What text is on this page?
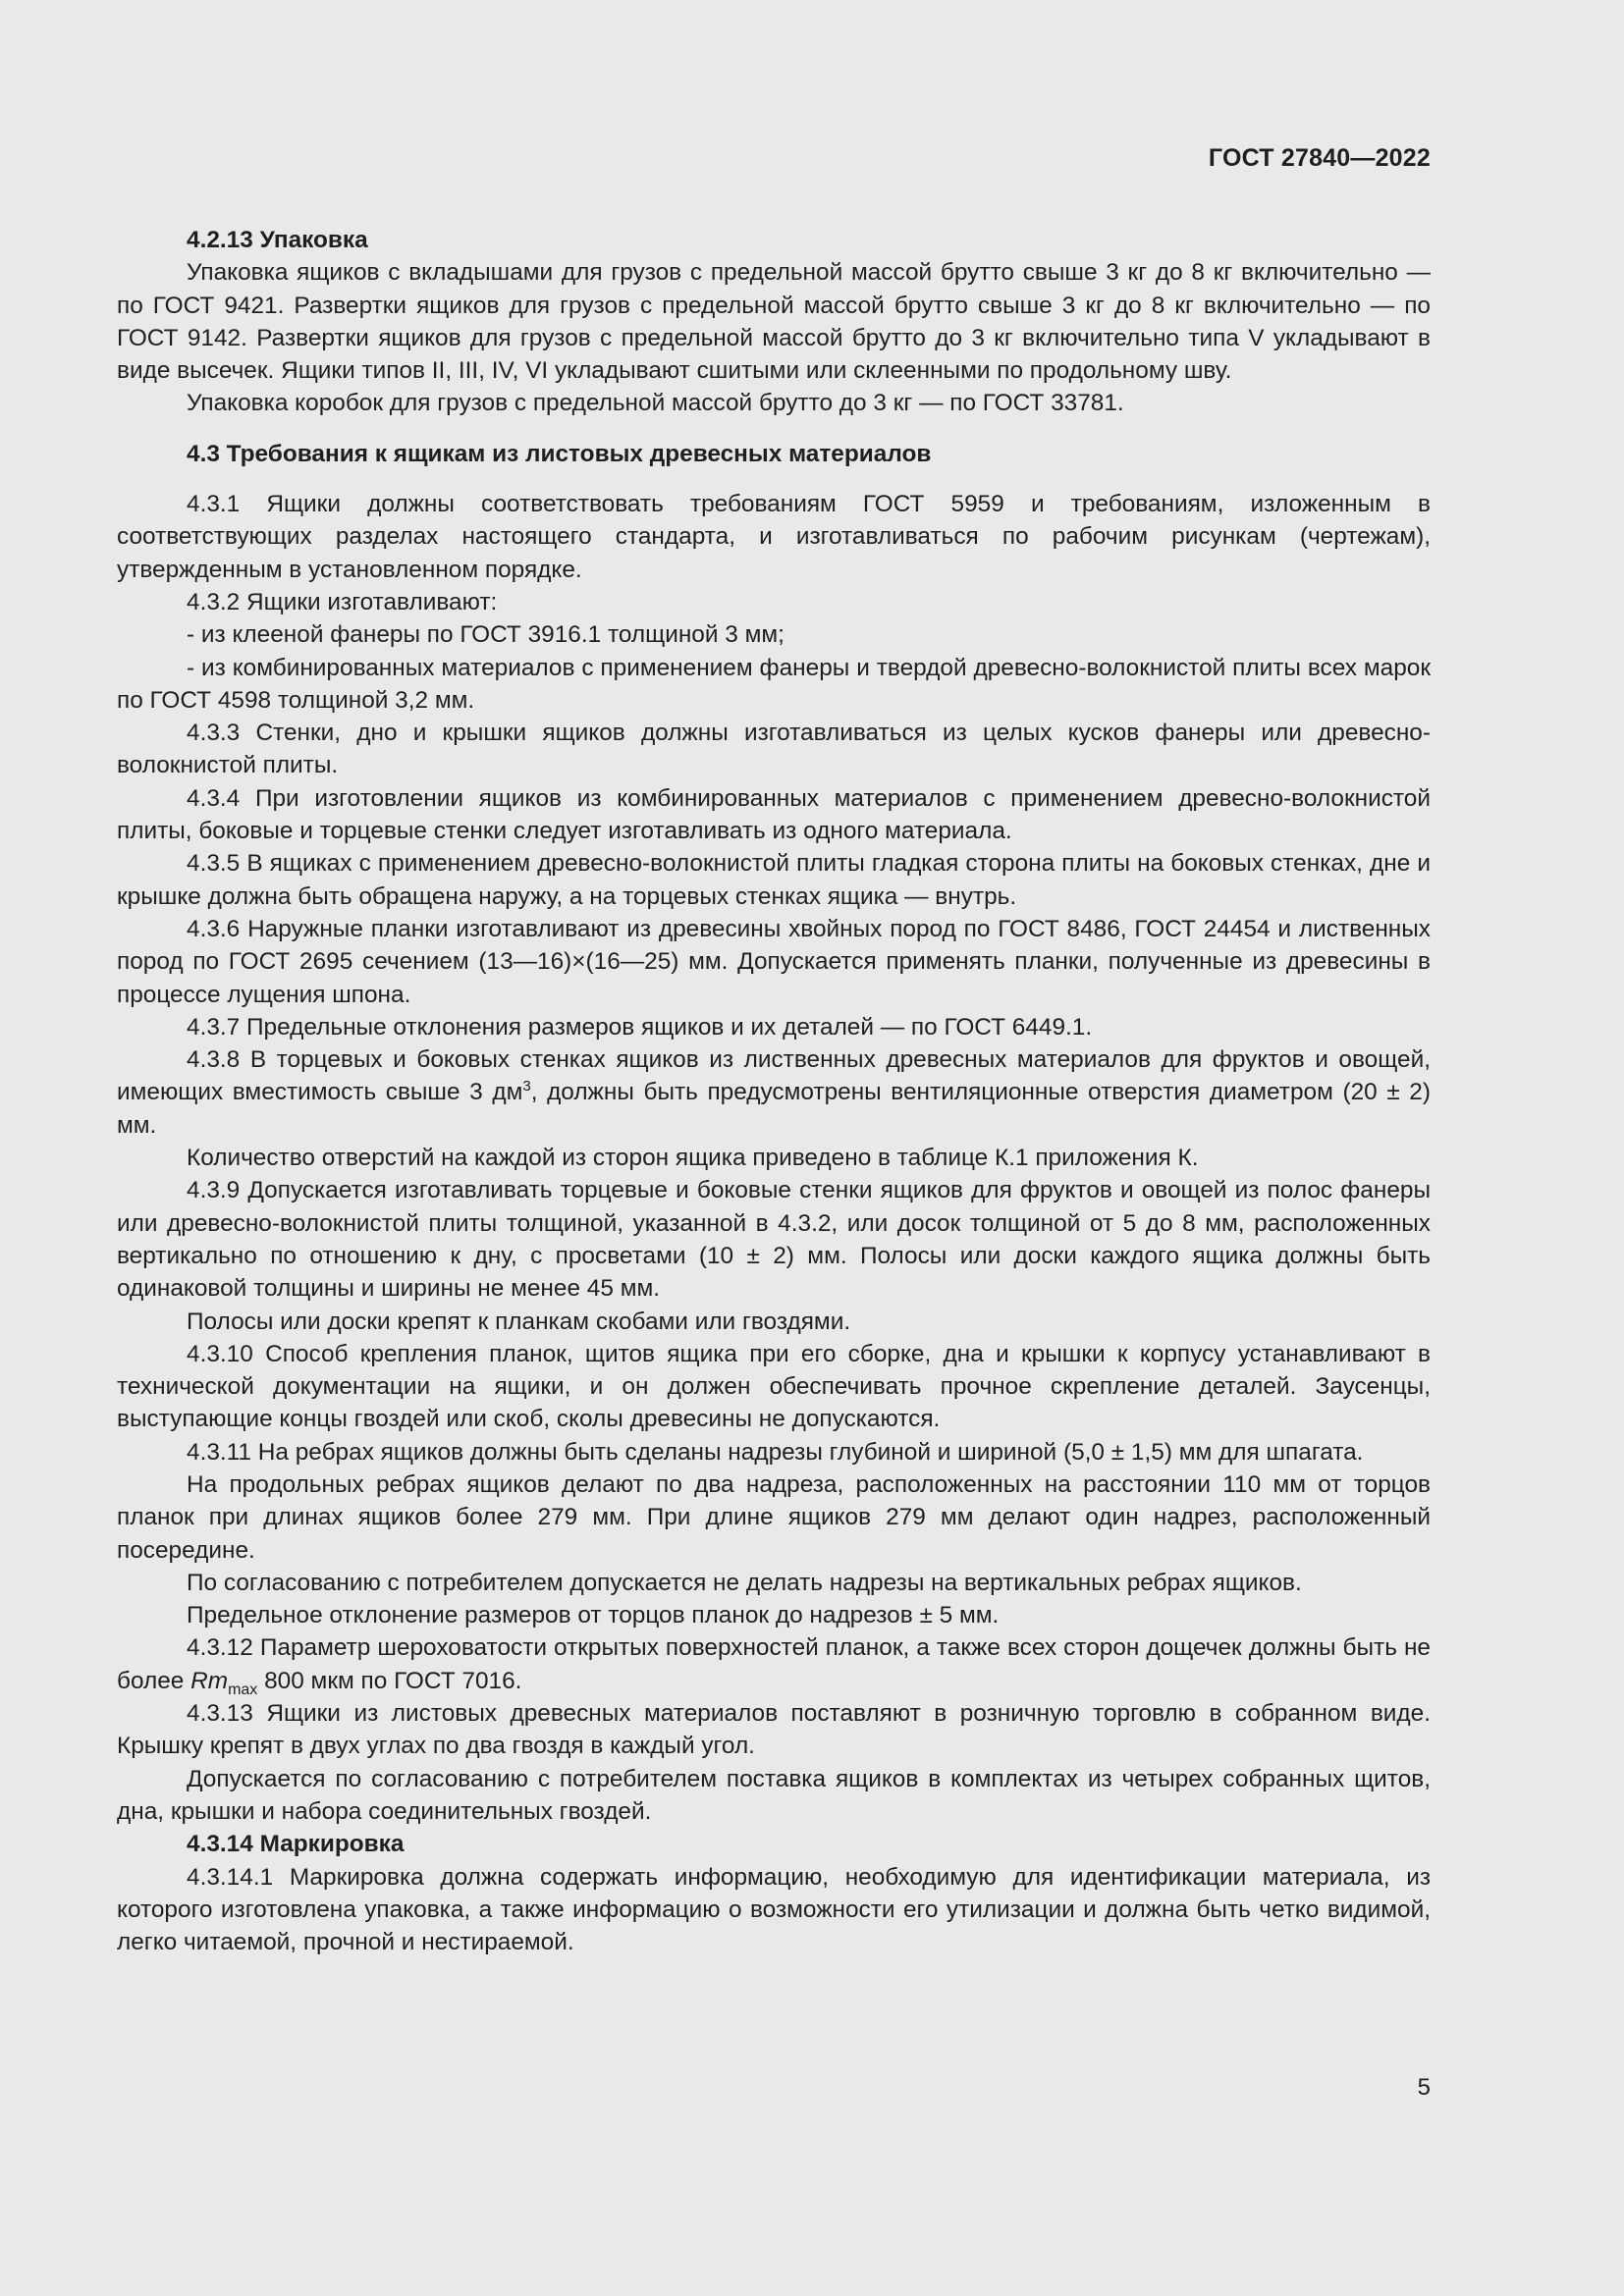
ГОСТ 27840—2022

4.2.13 Упаковка

Упаковка ящиков с вкладышами для грузов с предельной массой брутто свыше 3 кг до 8 кг включительно — по ГОСТ 9421. Развертки ящиков для грузов с предельной массой брутто свыше 3 кг до 8 кг включительно — по ГОСТ 9142. Развертки ящиков для грузов с предельной массой брутто до 3 кг включительно типа V укладывают в виде высечек. Ящики типов II, III, IV, VI укладывают сшитыми или склеенными по продольному шву.

Упаковка коробок для грузов с предельной массой брутто до 3 кг — по ГОСТ 33781.

4.3 Требования к ящикам из листовых древесных материалов

4.3.1 Ящики должны соответствовать требованиям ГОСТ 5959 и требованиям, изложенным в соответствующих разделах настоящего стандарта, и изготавливаться по рабочим рисункам (чертежам), утвержденным в установленном порядке.

4.3.2 Ящики изготавливают:

- из клееной фанеры по ГОСТ 3916.1 толщиной 3 мм;

- из комбинированных материалов с применением фанеры и твердой древесно-волокнистой плиты всех марок по ГОСТ 4598 толщиной 3,2 мм.

4.3.3 Стенки, дно и крышки ящиков должны изготавливаться из целых кусков фанеры или древесно-волокнистой плиты.

4.3.4 При изготовлении ящиков из комбинированных материалов с применением древесно-волокнистой плиты, боковые и торцевые стенки следует изготавливать из одного материала.

4.3.5 В ящиках с применением древесно-волокнистой плиты гладкая сторона плиты на боковых стенках, дне и крышке должна быть обращена наружу, а на торцевых стенках ящика — внутрь.

4.3.6 Наружные планки изготавливают из древесины хвойных пород по ГОСТ 8486, ГОСТ 24454 и лиственных пород по ГОСТ 2695 сечением (13—16)×(16—25) мм. Допускается применять планки, полученные из древесины в процессе лущения шпона.

4.3.7 Предельные отклонения размеров ящиков и их деталей — по ГОСТ 6449.1.

4.3.8 В торцевых и боковых стенках ящиков из лиственных древесных материалов для фруктов и овощей, имеющих вместимость свыше 3 $дм^3$, должны быть предусмотрены вентиляционные отверстия диаметром (20 ± 2) мм.

Количество отверстий на каждой из сторон ящика приведено в таблице К.1 приложения К.

4.3.9 Допускается изготавливать торцевые и боковые стенки ящиков для фруктов и овощей из полос фанеры или древесно-волокнистой плиты толщиной, указанной в 4.3.2, или досок толщиной от 5 до 8 мм, расположенных вертикально по отношению к дну, с просветами (10 ± 2) мм. Полосы или доски каждого ящика должны быть одинаковой толщины и ширины не менее 45 мм.

Полосы или доски крепят к планкам скобами или гвоздями.

4.3.10 Способ крепления планок, щитов ящика при его сборке, дна и крышки к корпусу устанавливают в технической документации на ящики, и он должен обеспечивать прочное скрепление деталей. Заусенцы, выступающие концы гвоздей или скоб, сколы древесины не допускаются.

4.3.11 На ребрах ящиков должны быть сделаны надрезы глубиной и шириной (5,0 ± 1,5) мм для шпагата.

На продольных ребрах ящиков делают по два надреза, расположенных на расстоянии 110 мм от торцов планок при длинах ящиков более 279 мм. При длине ящиков 279 мм делают один надрез, расположенный посередине.

По согласованию с потребителем допускается не делать надрезы на вертикальных ребрах ящиков.

Предельное отклонение размеров от торцов планок до надрезов ± 5 мм.

4.3.12 Параметр шероховатости открытых поверхностей планок, а также всех сторон дощечек должны быть не более $Rm_{max}$ 800 мкм по ГОСТ 7016.

4.3.13 Ящики из листовых древесных материалов поставляют в розничную торговлю в собранном виде. Крышку крепят в двух углах по два гвоздя в каждый угол.

Допускается по согласованию с потребителем поставка ящиков в комплектах из четырех собранных щитов, дна, крышки и набора соединительных гвоздей.

4.3.14 Маркировка

4.3.14.1 Маркировка должна содержать информацию, необходимую для идентификации материала, из которого изготовлена упаковка, а также информацию о возможности его утилизации и должна быть четко видимой, легко читаемой, прочной и нестираемой.

5
